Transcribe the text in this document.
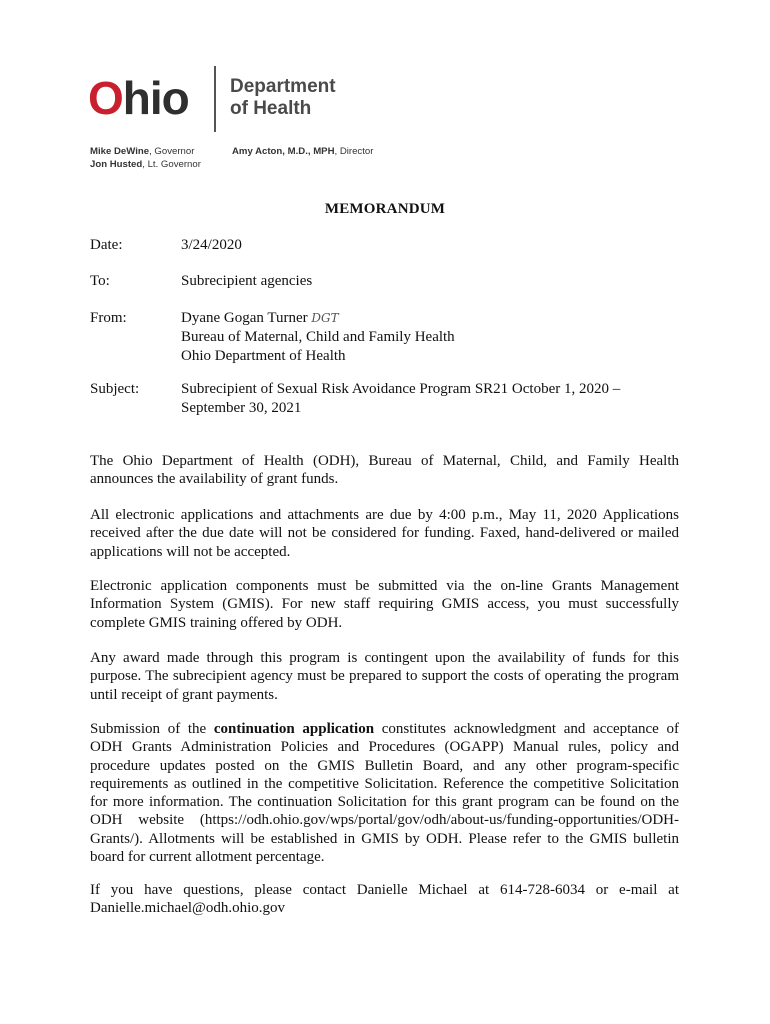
Ohio Department
of Health
Mike DeWine, Governor
Jon Husted, Lt. Governor
Amy Acton, M.D., MPH, Director
MEMORANDUM
Date:	3/24/2020
To:	Subrecipient agencies
From:	Dyane Gogan Turner DGT
Bureau of Maternal, Child and Family Health
Ohio Department of Health
Subject:	Subrecipient of Sexual Risk Avoidance Program SR21 October 1, 2020 –
September 30, 2021
The Ohio Department of Health (ODH), Bureau of Maternal, Child, and Family Health announces the availability of grant funds.
All electronic applications and attachments are due by 4:00 p.m., May 11, 2020 Applications received after the due date will not be considered for funding. Faxed, hand-delivered or mailed applications will not be accepted.
Electronic application components must be submitted via the on-line Grants Management Information System (GMIS). For new staff requiring GMIS access, you must successfully complete GMIS training offered by ODH.
Any award made through this program is contingent upon the availability of funds for this purpose. The subrecipient agency must be prepared to support the costs of operating the program until receipt of grant payments.
Submission of the continuation application constitutes acknowledgment and acceptance of ODH Grants Administration Policies and Procedures (OGAPP) Manual rules, policy and procedure updates posted on the GMIS Bulletin Board, and any other program-specific requirements as outlined in the competitive Solicitation. Reference the competitive Solicitation for more information. The continuation Solicitation for this grant program can be found on the ODH website (https://odh.ohio.gov/wps/portal/gov/odh/about-us/funding-opportunities/ODH-Grants/). Allotments will be established in GMIS by ODH. Please refer to the GMIS bulletin board for current allotment percentage.
If you have questions, please contact Danielle Michael at 614-728-6034 or e-mail at Danielle.michael@odh.ohio.gov
